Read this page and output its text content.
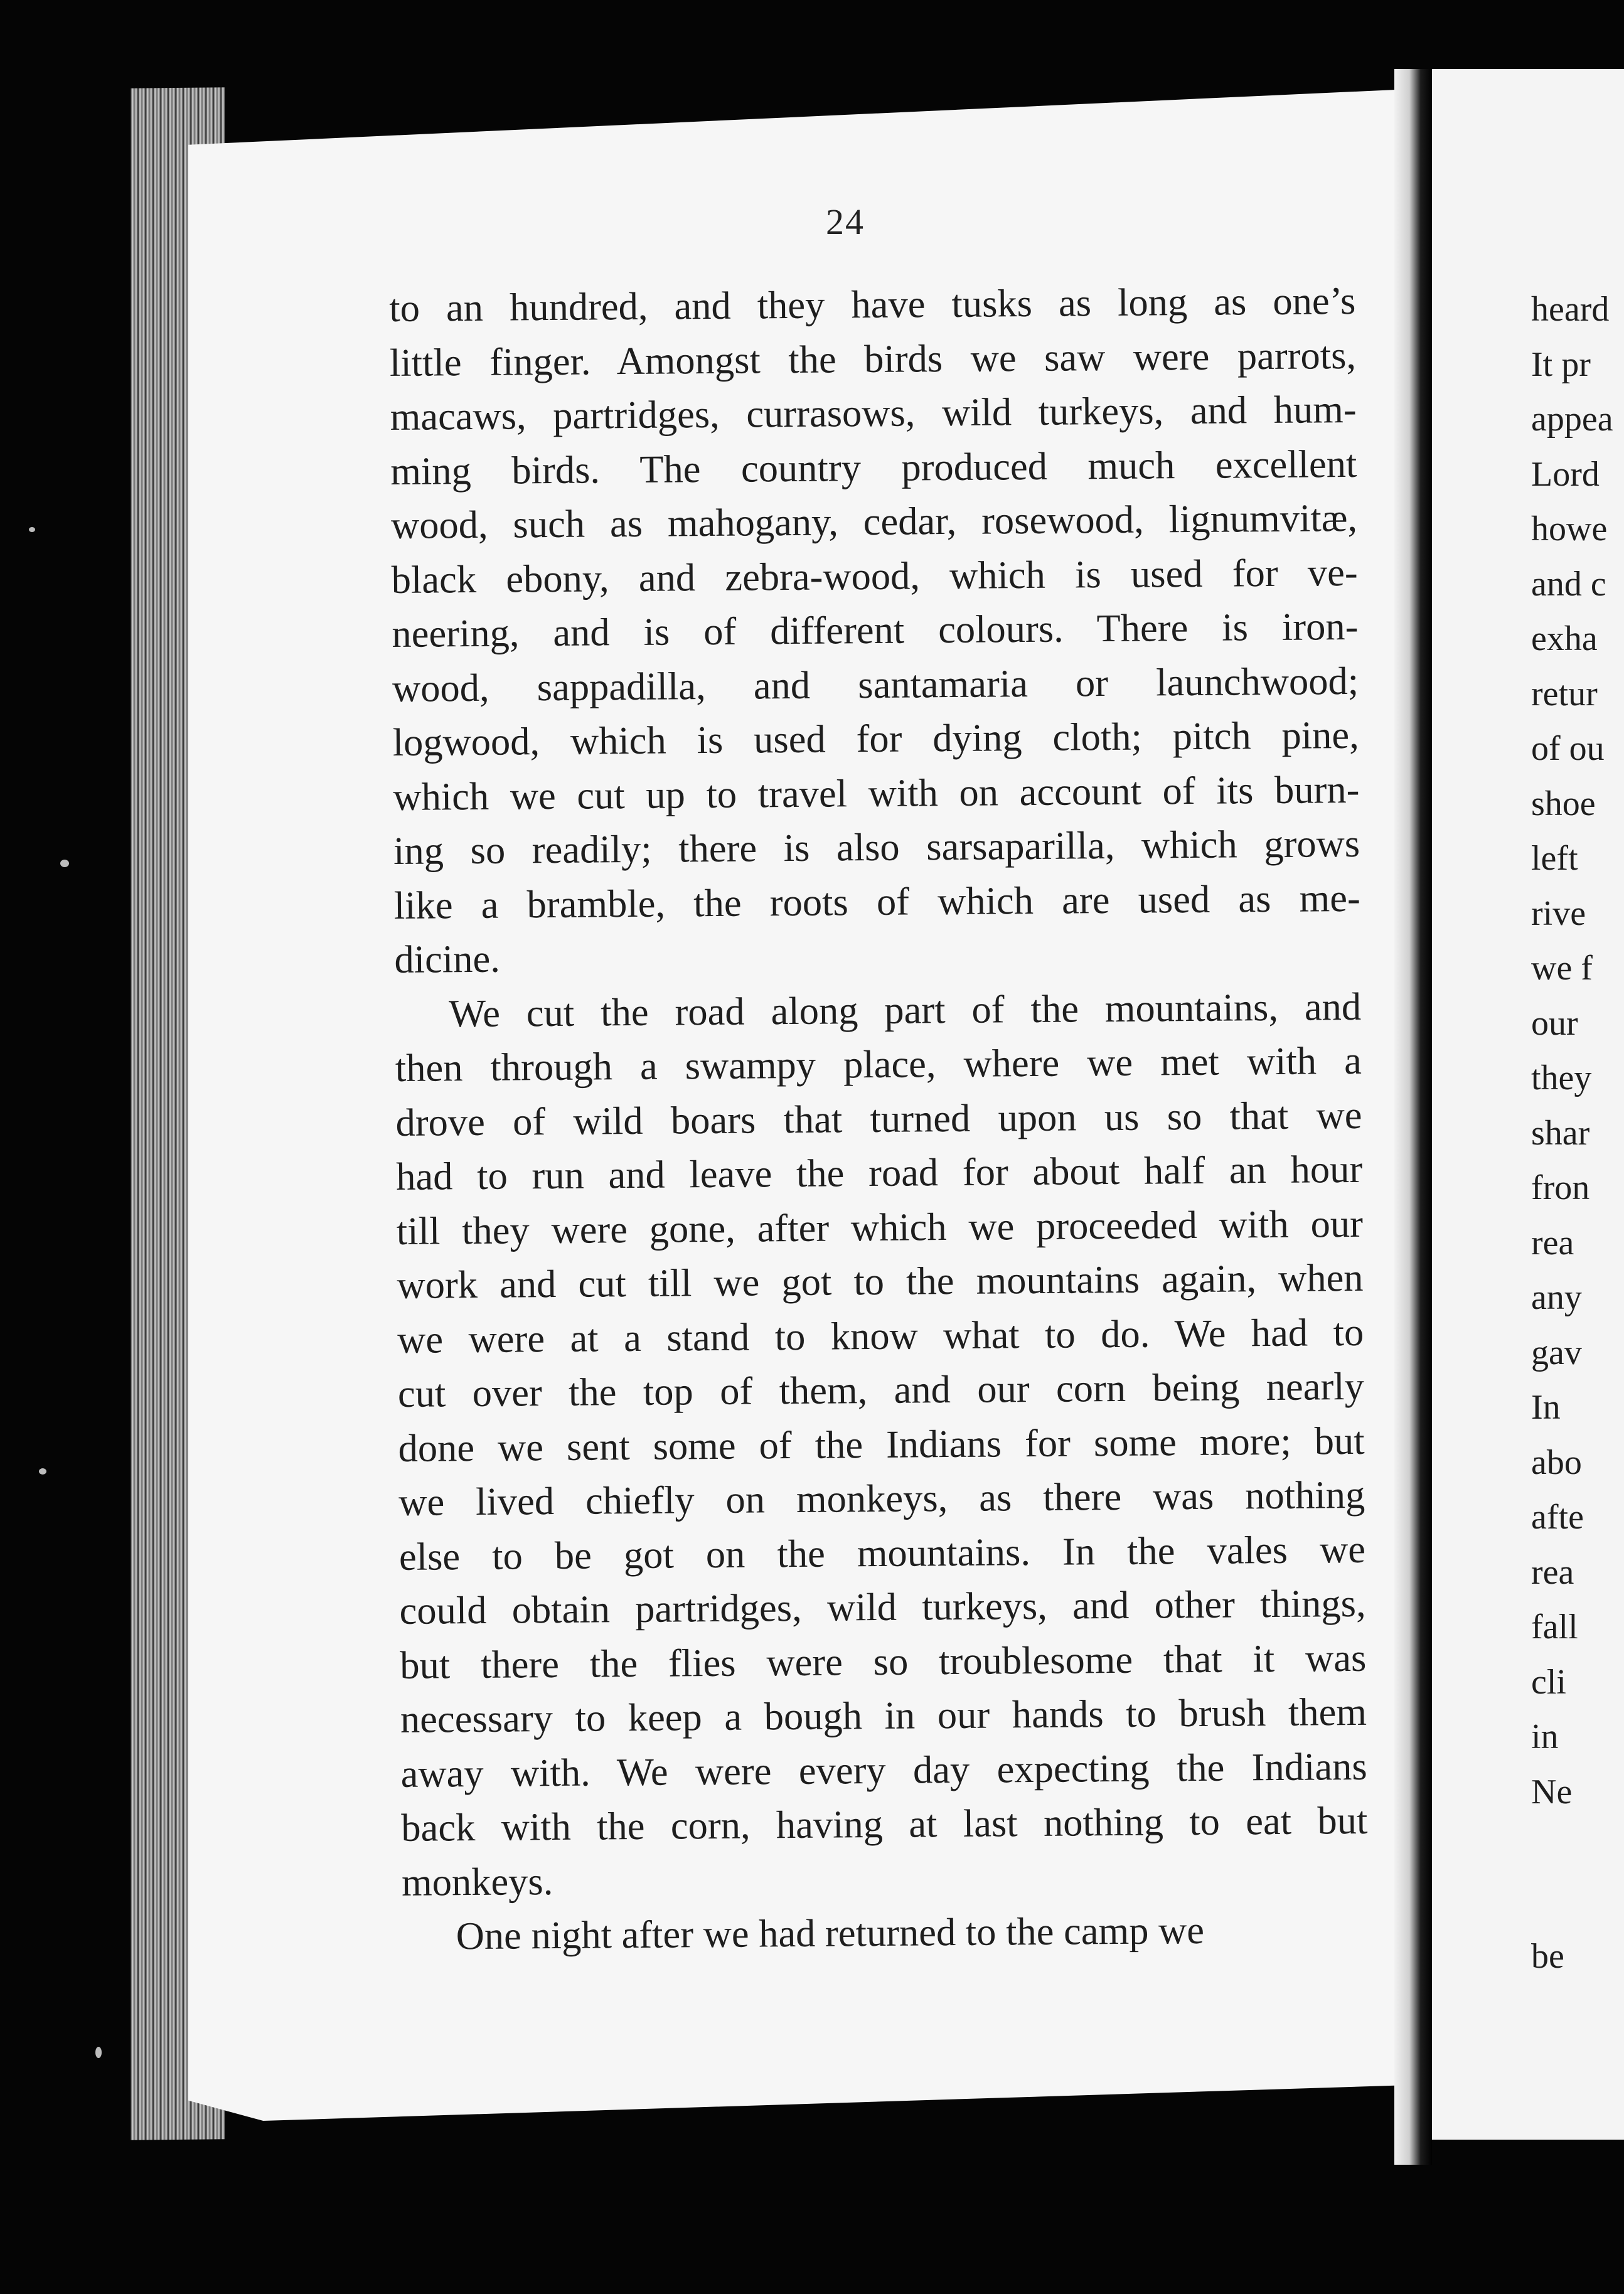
24
to an hundred, and they have tusks as long as one’s
little finger. Amongst the birds we saw were parrots,
macaws, partridges, currasows, wild turkeys, and hum-
ming birds. The country produced much excellent
wood, such as mahogany, cedar, rosewood, lignumvitæ,
black ebony, and zebra-wood, which is used for ve-
neering, and is of different colours. There is iron-
wood, sappadilla, and santamaria or launchwood;
logwood, which is used for dying cloth; pitch pine,
which we cut up to travel with on account of its burn-
ing so readily; there is also sarsaparilla, which grows
like a bramble, the roots of which are used as me-
dicine.
We cut the road along part of the mountains, and
then through a swampy place, where we met with a
drove of wild boars that turned upon us so that we
had to run and leave the road for about half an hour
till they were gone, after which we proceeded with our
work and cut till we got to the mountains again, when
we were at a stand to know what to do. We had to
cut over the top of them, and our corn being nearly
done we sent some of the Indians for some more; but
we lived chiefly on monkeys, as there was nothing
else to be got on the mountains. In the vales we
could obtain partridges, wild turkeys, and other things,
but there the flies were so troublesome that it was
necessary to keep a bough in our hands to brush them
away with. We were every day expecting the Indians
back with the corn, having at last nothing to eat but
monkeys.
One night after we had returned to the camp we
heard
It pr
appea
Lord
howe
and c
exha
retur
of ou
shoe
left
rive
we f
our
they
shar
fron
rea
any
gav
In
abo
afte
rea
fall
cli
in
Ne
be
